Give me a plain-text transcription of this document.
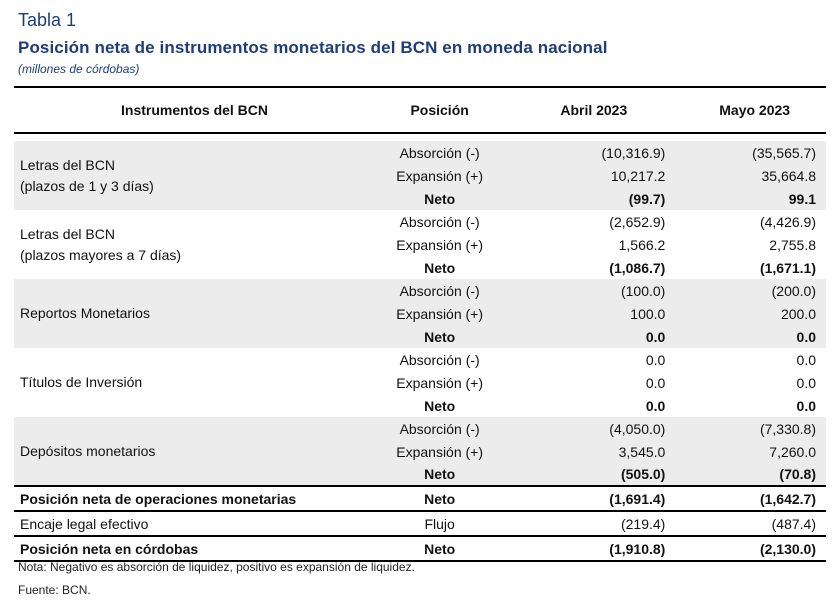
Tabla 1
Posición neta de instrumentos monetarios del BCN en moneda nacional
(millones de córdobas)
Instrumentos del BCN	Posición	Abril 2023	Mayo 2023

Letras del BCN
(plazos de 1 y 3 días)	Absorción (-)	(10,316.9)	(35,565.7)
	Expansión (+)	10,217.2	35,664.8
	Neto	(99.7)	99.1

Letras del BCN
(plazos mayores a 7 días)	Absorción (-)	(2,652.9)	(4,426.9)
	Expansión (+)	1,566.2	2,755.8
	Neto	(1,086.7)	(1,671.1)

Reportos Monetarios	Absorción (-)	(100.0)	(200.0)
	Expansión (+)	100.0	200.0
	Neto	0.0	0.0

Títulos de Inversión	Absorción (-)	0.0	0.0
	Expansión (+)	0.0	0.0
	Neto	0.0	0.0

Depósitos monetarios	Absorción (-)	(4,050.0)	(7,330.8)
	Expansión (+)	3,545.0	7,260.0
	Neto	(505.0)	(70.8)
Posición neta de operaciones monetarias	Neto	(1,691.4)	(1,642.7)
Encaje legal efectivo	Flujo	(219.4)	(487.4)
Posición neta en córdobas	Neto	(1,910.8)	(2,130.0)
Nota: Negativo es absorción de liquidez, positivo es expansión de liquidez.
Fuente: BCN.
